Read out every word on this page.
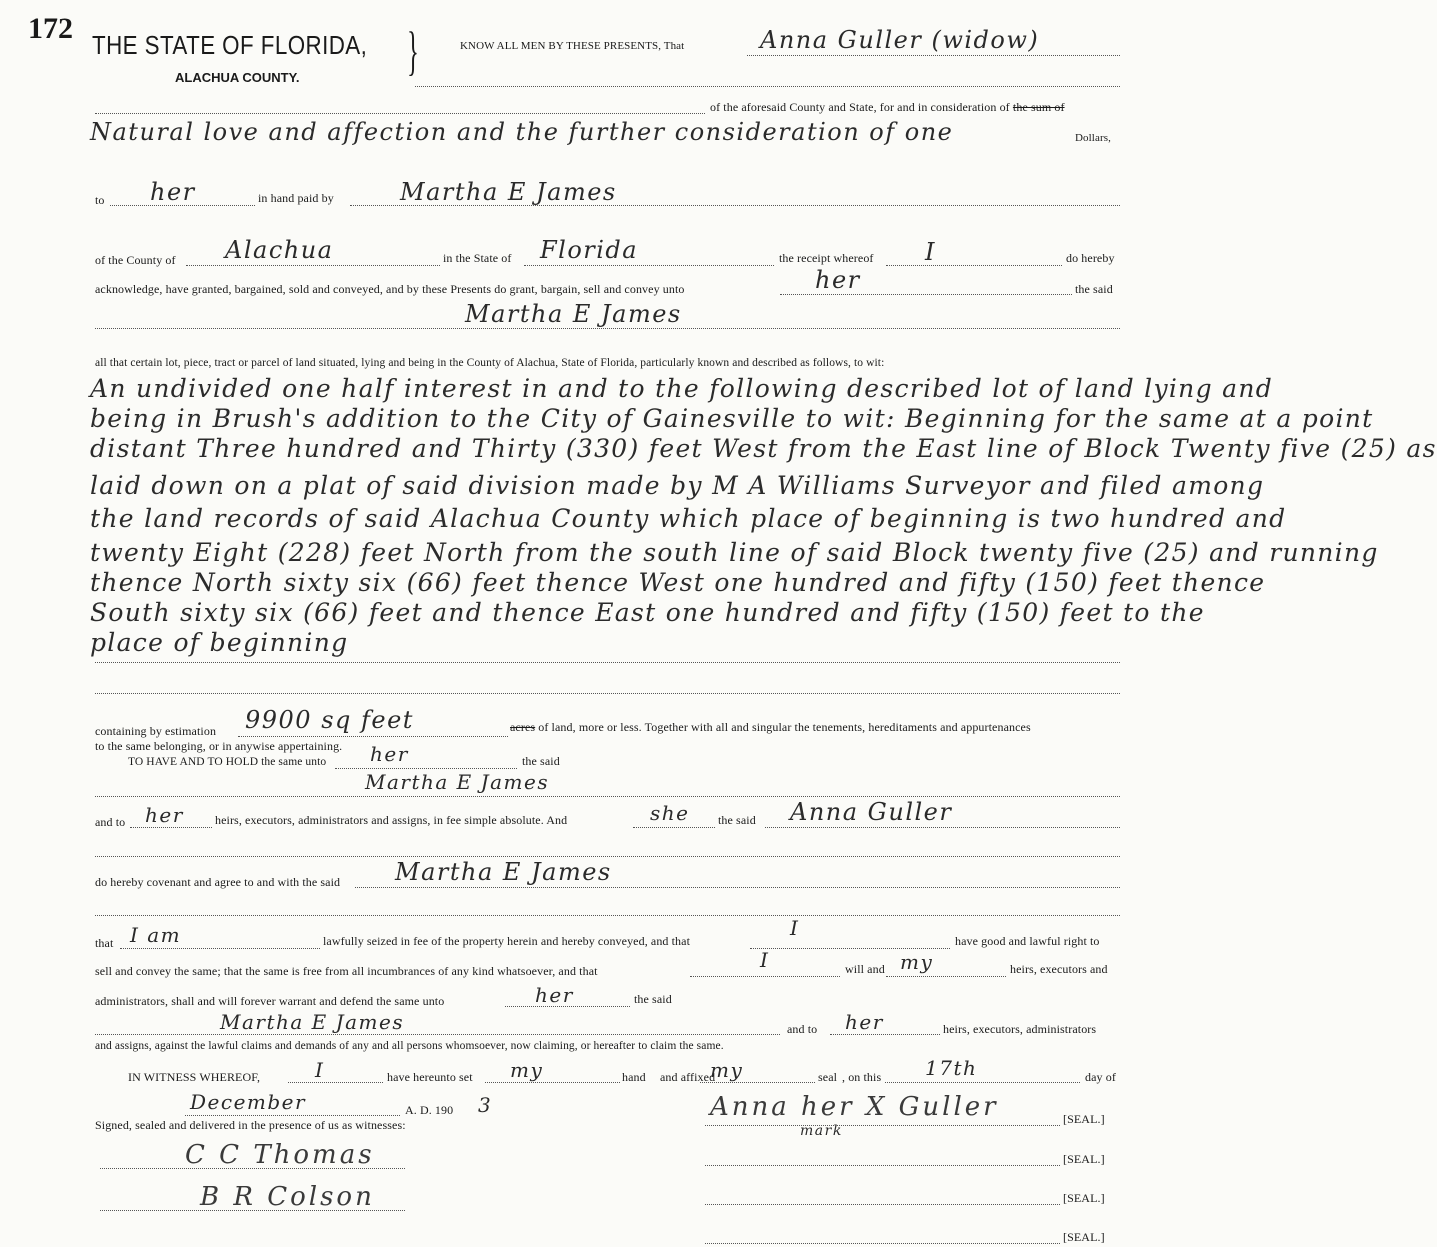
172 THE STATE OF FLORIDA, }
ALACHUA COUNTY.
KNOW ALL MEN BY THESE PRESENTS, That	Anna Guller (widow)
of the aforesaid County and State, for and in consideration of the sum of
Natural love and affection and the further consideration of one	Dollars,
to her	in hand paid by	Martha E James
of the County of Alachua	in the State of Florida	the receipt whereof I	do hereby
acknowledge, have granted, bargained, sold and conveyed, and by these Presents do grant, bargain, sell and convey unto	her	the said
Martha E James
all that certain lot, piece, tract or parcel of land situated, lying and being in the County of Alachua, State of Florida, particularly known and described as follows, to wit:
An undivided one half interest in and to the following described lot of land lying and
being in Brush's addition to the City of Gainesville to wit: Beginning for the same at a point
distant Three hundred and Thirty (330) feet West from the East line of Block Twenty five (25) as
laid down on a plat of said division made by M A Williams Surveyor and filed among
the land records of said Alachua County which place of beginning is two hundred and
twenty Eight (228) feet North from the south line of said Block twenty five (25) and running
thence North sixty six (66) feet thence West one hundred and fifty (150) feet thence
South sixty six (66) feet and thence East one hundred and fifty (150) feet to the
place of beginning
containing by estimation 9900 sq feet	acres of land, more or less. Together with all and singular the tenements, hereditaments and appurtenances
to the same belonging, or in anywise appertaining.
TO HAVE AND TO HOLD the same unto her	the said
Martha E James
and to her	heirs, executors, administrators and assigns, in fee simple absolute. And	she the said Anna Guller
do hereby covenant and agree to and with the said Martha E James
that I am	lawfully seized in fee of the property herein and hereby conveyed, and that
I
have good and lawful right to
sell and convey the same; that the same is free from all incumbrances of any kind whatsoever, and that	I	will and my	heirs, executors and
administrators, shall and will forever warrant and defend the same unto	her	the said
Martha E James	and to her	heirs, executors, administrators
and assigns, against the lawful claims and demands of any and all persons whomsoever, now claiming, or hereafter to claim the same.
IN WITNESS WHEREOF,	I	have hereunto set my	hand and affixed
my	seal , on this 17th	day of
December	A. D. 190 3
Signed, sealed and delivered in the presence of us as witnesses:
Anna her X Guller
mark
[SEAL.]
C C Thomas	[SEAL.]
B R Colson	[SEAL.]
[SEAL.]
